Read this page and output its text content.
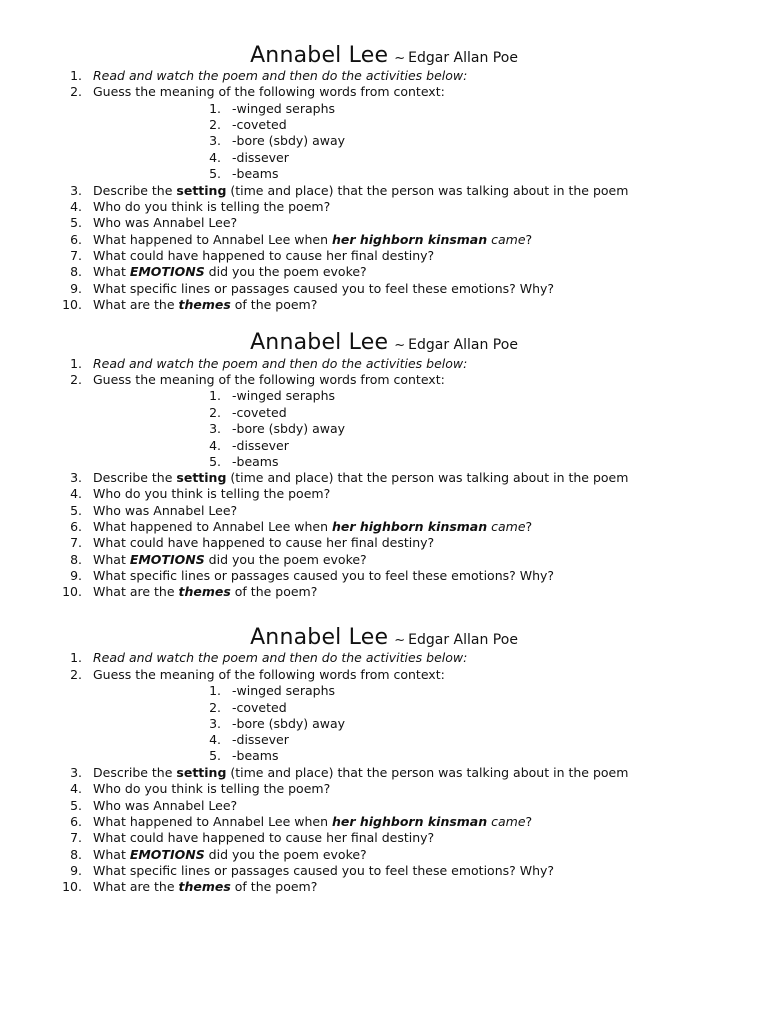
Annabel Lee ~ Edgar Allan Poe
1. Read and watch the poem and then do the activities below:
2. Guess the meaning of the following words from context:
1. -winged seraphs
2. -coveted
3. -bore (sbdy) away
4. -dissever
5. -beams
3. Describe the setting (time and place) that the person was talking about in the poem
4. Who do you think is telling the poem?
5. Who was Annabel Lee?
6. What happened to Annabel Lee when her highborn kinsman came?
7. What could have happened to cause her final destiny?
8. What EMOTIONS did you the poem evoke?
9. What specific lines or passages caused you to feel these emotions? Why?
10. What are the themes of the poem?
Annabel Lee ~ Edgar Allan Poe
1. Read and watch the poem and then do the activities below:
2. Guess the meaning of the following words from context:
1. -winged seraphs
2. -coveted
3. -bore (sbdy) away
4. -dissever
5. -beams
3. Describe the setting (time and place) that the person was talking about in the poem
4. Who do you think is telling the poem?
5. Who was Annabel Lee?
6. What happened to Annabel Lee when her highborn kinsman came?
7. What could have happened to cause her final destiny?
8. What EMOTIONS did you the poem evoke?
9. What specific lines or passages caused you to feel these emotions? Why?
10. What are the themes of the poem?
Annabel Lee ~ Edgar Allan Poe
1. Read and watch the poem and then do the activities below:
2. Guess the meaning of the following words from context:
1. -winged seraphs
2. -coveted
3. -bore (sbdy) away
4. -dissever
5. -beams
3. Describe the setting (time and place) that the person was talking about in the poem
4. Who do you think is telling the poem?
5. Who was Annabel Lee?
6. What happened to Annabel Lee when her highborn kinsman came?
7. What could have happened to cause her final destiny?
8. What EMOTIONS did you the poem evoke?
9. What specific lines or passages caused you to feel these emotions? Why?
10. What are the themes of the poem?
